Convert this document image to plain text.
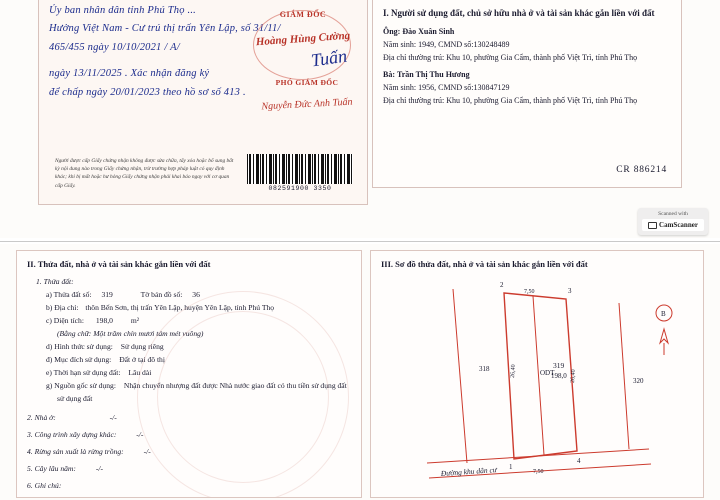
Ủy ban nhân dân tỉnh Phú Thọ ...
Hưởng Việt Nam - Cư trú thị trấn Yên Lập, số 31/11/
465/455 ngày 10/10/2021 / A/
ngày 13/11/2025 . Xác nhận đăng ký
để chấp ngày 20/01/2023 theo hồ sơ số 413 .
GIÁM ĐỐC
Hoàng Hùng Cường
PHÓ GIÁM ĐỐC
Nguyễn Đức Anh Tuấn
Tuấn
Người được cấp Giấy chứng nhận không được sửa chữa, tẩy xóa hoặc bổ sung bất kỳ nội dung nào trong Giấy chứng nhận, trừ trường hợp pháp luật có quy định khác; khi bị mất hoặc hư hỏng Giấy chứng nhận phải khai báo ngay với cơ quan cấp Giấy.	082591900 3350
I. Người sử dụng đất, chủ sở hữu nhà ở và tài sản khác gắn liền với đất

Ông: Đào Xuân Sinh

Năm sinh: 1949, CMND số:130248489

Địa chỉ thường trú: Khu 10, phường Gia Cẩm, thành phố Việt Trì, tỉnh Phú Thọ

Bà: Trần Thị Thu Hương

Năm sinh: 1956, CMND số:130847129

Địa chỉ thường trú: Khu 10, phường Gia Cẩm, thành phố Việt Trì, tỉnh Phú Thọ

CR 886214
Scanned with
CamScanner
II. Thửa đất, nhà ở và tài sản khác gắn liền với đất
1. Thửa đất:
a) Thửa đất số: 319	Tờ bản đồ số: 36
b) Địa chỉ: thôn Bến Sơn, thị trấn Yên Lập, huyện Yên Lập, tỉnh Phú Thọ
c) Diện tích: 198,0 m²
(Bằng chữ: Một trăm chín mươi tám mét vuông)
d) Hình thức sử dụng: Sử dụng riêng
đ) Mục đích sử dụng: Đất ở tại đô thị
e) Thời hạn sử dụng đất: Lâu dài
g) Nguồn gốc sử dụng: Nhận chuyển nhượng đất được Nhà nước giao đất có thu tiền sử dụng đất
sử dụng đất
2. Nhà ở:	-/-
3. Công trình xây dựng khác:	-/-
4. Rừng sản xuất là rừng trồng:	-/-
5. Cây lâu năm:	-/-
6. Ghi chú:
III. Sơ đồ thửa đất, nhà ở và tài sản khác gắn liền với đất
2
3
1
4
7,50
7,50
26,40	26,40
ODT
319
198,0
318
320
Đường khu dân cư
B
